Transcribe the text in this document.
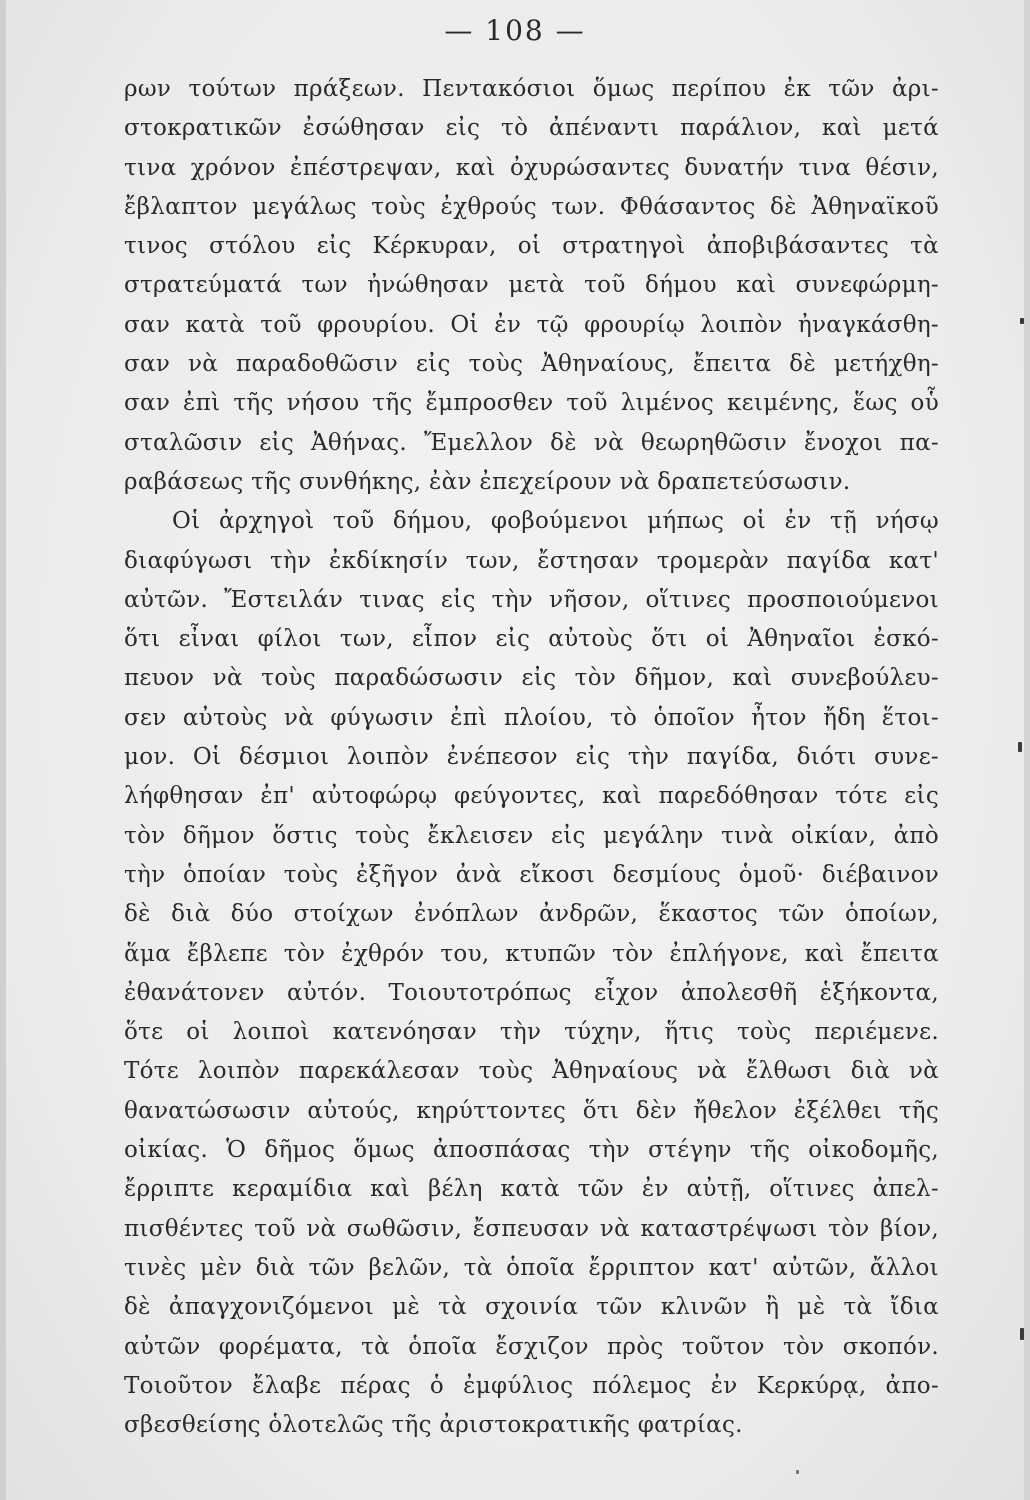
— 108 —
ρων τούτων πράξεων. Πεντακόσιοι ὅμως περίπου ἐκ τῶν ἀρι-
στοκρατικῶν ἐσώθησαν εἰς τὸ ἀπέναντι παράλιον, καὶ μετά
τινα χρόνον ἐπέστρεψαν, καὶ ὀχυρώσαντες δυνατήν τινα θέσιν,
ἔβλαπτον μεγάλως τοὺς ἐχθρούς των. Φθάσαντος δὲ Ἀθηναϊκοῦ
τινος στόλου εἰς Κέρκυραν, οἱ στρατηγοὶ ἀποβιβάσαντες τὰ
στρατεύματά των ἠνώθησαν μετὰ τοῦ δήμου καὶ συνεφώρμη-
σαν κατὰ τοῦ φρουρίου. Οἱ ἐν τῷ φρουρίῳ λοιπὸν ἠναγκάσθη-
σαν νὰ παραδοθῶσιν εἰς τοὺς Ἀθηναίους, ἔπειτα δὲ μετήχθη-
σαν ἐπὶ τῆς νήσου τῆς ἔμπροσθεν τοῦ λιμένος κειμένης, ἕως οὗ
σταλῶσιν εἰς Ἀθήνας. Ἔμελλον δὲ νὰ θεωρηθῶσιν ἔνοχοι πα-
ραβάσεως τῆς συνθήκης, ἐὰν ἐπεχείρουν νὰ δραπετεύσωσιν.
Οἱ ἀρχηγοὶ τοῦ δήμου, φοβούμενοι μήπως οἱ ἐν τῇ νήσῳ
διαφύγωσι τὴν ἐκδίκησίν των, ἔστησαν τρομερὰν παγίδα κατ'
αὐτῶν. Ἔστειλάν τινας εἰς τὴν νῆσον, οἵτινες προσποιούμενοι
ὅτι εἶναι φίλοι των, εἶπον εἰς αὐτοὺς ὅτι οἱ Ἀθηναῖοι ἐσκό-
πευον νὰ τοὺς παραδώσωσιν εἰς τὸν δῆμον, καὶ συνεβούλευ-
σεν αὐτοὺς νὰ φύγωσιν ἐπὶ πλοίου, τὸ ὁποῖον ἦτον ἤδη ἕτοι-
μον. Οἱ δέσμιοι λοιπὸν ἐνέπεσον εἰς τὴν παγίδα, διότι συνε-
λήφθησαν ἐπ' αὐτοφώρῳ φεύγοντες, καὶ παρεδόθησαν τότε εἰς
τὸν δῆμον ὅστις τοὺς ἔκλεισεν εἰς μεγάλην τινὰ οἰκίαν, ἀπὸ
τὴν ὁποίαν τοὺς ἐξῆγον ἀνὰ εἴκοσι δεσμίους ὁμοῦ· διέβαινον
δὲ διὰ δύο στοίχων ἐνόπλων ἀνδρῶν, ἕκαστος τῶν ὁποίων,
ἅμα ἔβλεπε τὸν ἐχθρόν του, κτυπῶν τὸν ἐπλήγονε, καὶ ἔπειτα
ἐθανάτονεν αὐτόν. Τοιουτοτρόπως εἶχον ἀπολεσθῆ ἑξήκοντα,
ὅτε οἱ λοιποὶ κατενόησαν τὴν τύχην, ἥτις τοὺς περιέμενε.
Τότε λοιπὸν παρεκάλεσαν τοὺς Ἀθηναίους νὰ ἔλθωσι διὰ νὰ
θανατώσωσιν αὐτούς, κηρύττοντες ὅτι δὲν ἤθελον ἐξέλθει τῆς
οἰκίας. Ὁ δῆμος ὅμως ἀποσπάσας τὴν στέγην τῆς οἰκοδομῆς,
ἔρριπτε κεραμίδια καὶ βέλη κατὰ τῶν ἐν αὐτῇ, οἵτινες ἀπελ-
πισθέντες τοῦ νὰ σωθῶσιν, ἔσπευσαν νὰ καταστρέψωσι τὸν βίον,
τινὲς μὲν διὰ τῶν βελῶν, τὰ ὁποῖα ἔρριπτον κατ' αὐτῶν, ἄλλοι
δὲ ἀπαγχονιζόμενοι μὲ τὰ σχοινία τῶν κλινῶν ἢ μὲ τὰ ἴδια
αὐτῶν φορέματα, τὰ ὁποῖα ἔσχιζον πρὸς τοῦτον τὸν σκοπόν.
Τοιοῦτον ἔλαβε πέρας ὁ ἐμφύλιος πόλεμος ἐν Κερκύρᾳ, ἀπο-
σβεσθείσης ὁλοτελῶς τῆς ἀριστοκρατικῆς φατρίας.
